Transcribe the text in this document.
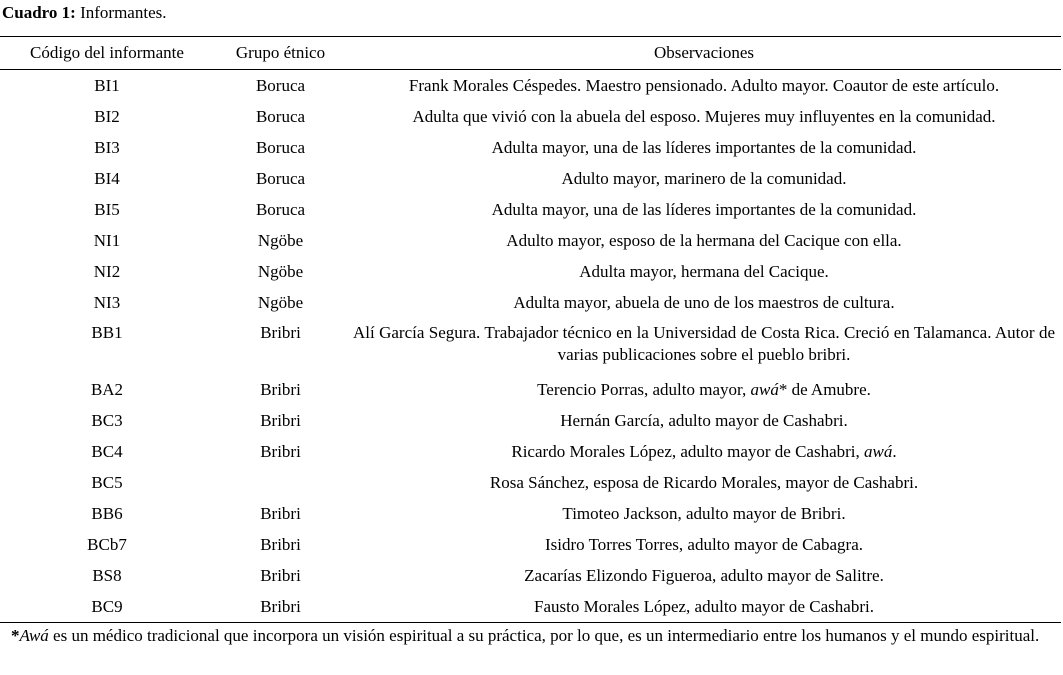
Cuadro 1: Informantes.
Código del informante	Grupo étnico	Observaciones
BI1	Boruca	Frank Morales Céspedes. Maestro pensionado. Adulto mayor. Coautor de este artículo.
BI2	Boruca	Adulta que vivió con la abuela del esposo. Mujeres muy influyentes en la comunidad.
BI3	Boruca	Adulta mayor, una de las líderes importantes de la comunidad.
BI4	Boruca	Adulto mayor, marinero de la comunidad.
BI5	Boruca	Adulta mayor, una de las líderes importantes de la comunidad.
NI1	Ngöbe	Adulto mayor, esposo de la hermana del Cacique con ella.
NI2	Ngöbe	Adulta mayor, hermana del Cacique.
NI3	Ngöbe	Adulta mayor, abuela de uno de los maestros de cultura.
BB1	Bribri	Alí García Segura. Trabajador técnico en la Universidad de Costa Rica. Creció en Talamanca. Autor de varias publicaciones sobre el pueblo bribri.
BA2	Bribri	Terencio Porras, adulto mayor, awá* de Amubre.
BC3	Bribri	Hernán García, adulto mayor de Cashabri.
BC4	Bribri	Ricardo Morales López, adulto mayor de Cashabri, awá.
BC5		Rosa Sánchez, esposa de Ricardo Morales, mayor de Cashabri.
BB6	Bribri	Timoteo Jackson, adulto mayor de Bribri.
BCb7	Bribri	Isidro Torres Torres, adulto mayor de Cabagra.
BS8	Bribri	Zacarías Elizondo Figueroa, adulto mayor de Salitre.
BC9	Bribri	Fausto Morales López, adulto mayor de Cashabri.
*Awá es un médico tradicional que incorpora un visión espiritual a su práctica, por lo que, es un intermediario entre los humanos y el mundo espiritual.
